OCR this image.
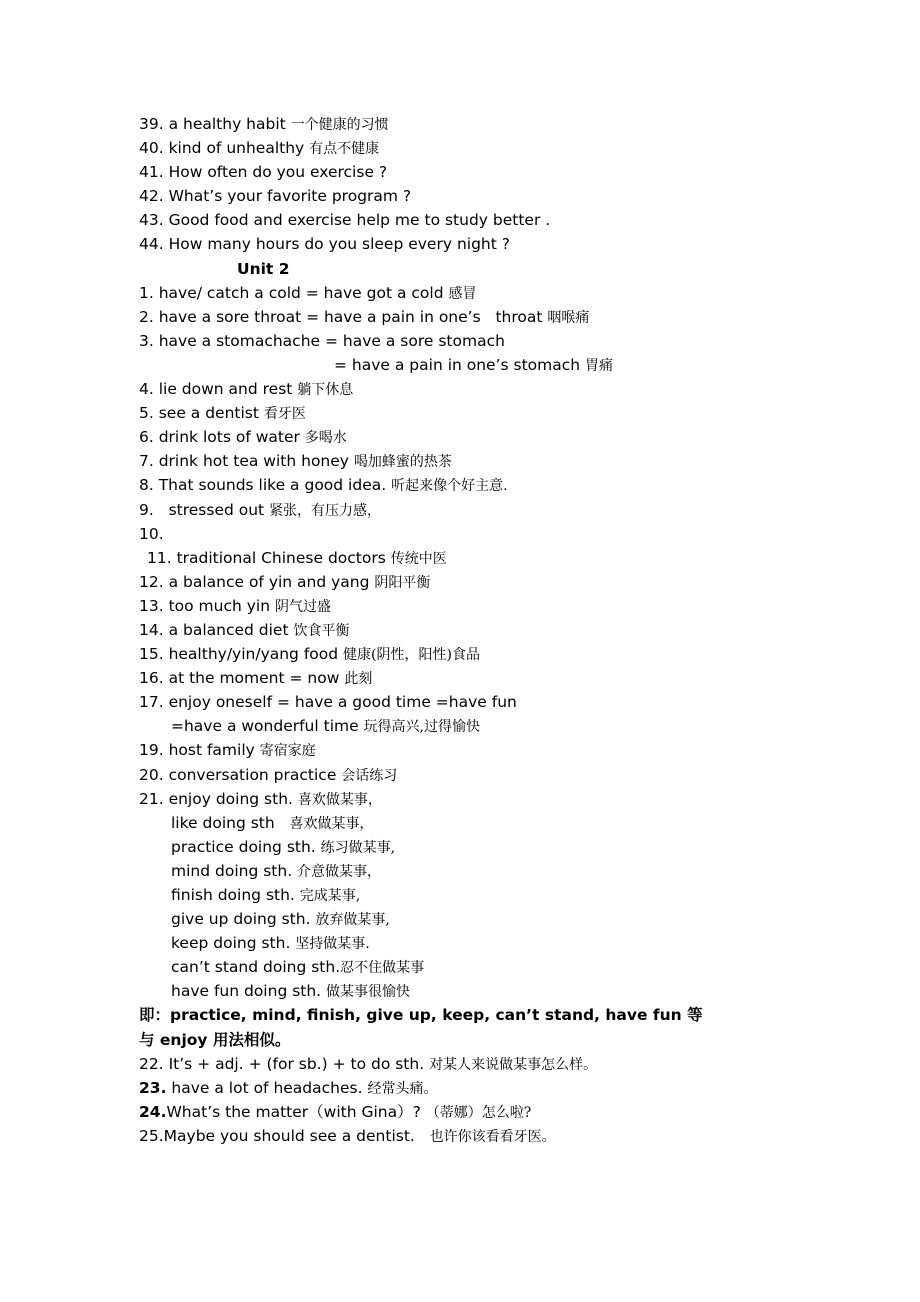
39. a healthy habit 一个健康的习惯
40. kind of unhealthy 有点不健康
41. How often do you exercise ?
42. What’s your favorite program ?
43. Good food and exercise help me to study better .
44. How many hours do you sleep every night ?
Unit 2
1. have/ catch a cold = have got a cold 感冒
2. have a sore throat = have a pain in one’s   throat 咽喉痛
3. have a stomachache = have a sore stomach
= have a pain in one’s stomach 胃痛
4. lie down and rest 躺下休息
5. see a dentist 看牙医
6. drink lots of water 多喝水
7. drink hot tea with honey 喝加蜂蜜的热茶
8. That sounds like a good idea. 听起来像个好主意.
9.   stressed out 紧张，有压力感，
10.
11. traditional Chinese doctors 传统中医
12. a balance of yin and yang 阴阳平衡
13. too much yin 阴气过盛
14. a balanced diet 饮食平衡
15. healthy/yin/yang food 健康(阴性，阳性)食品
16. at the moment = now 此刻
17. enjoy oneself = have a good time =have fun
=have a wonderful time 玩得高兴,过得愉快
19. host family 寄宿家庭
20. conversation practice 会话练习
21. enjoy doing sth. 喜欢做某事，
like doing sth   喜欢做某事，
practice doing sth. 练习做某事,
mind doing sth. 介意做某事，
finish doing sth. 完成某事,
give up doing sth. 放弃做某事,
keep doing sth. 坚持做某事.
can’t stand doing sth.忍不住做某事
have fun doing sth. 做某事很愉快
即：practice, mind, finish, give up, keep, can’t stand, have fun 等
与 enjoy 用法相似。
22. It’s + adj. + (for sb.) + to do sth. 对某人来说做某事怎么样。
23. have a lot of headaches. 经常头痛。
24.What’s the matter（with Gina）? （蒂娜）怎么啦?
25.Maybe you should see a dentist.   也许你该看看牙医。
